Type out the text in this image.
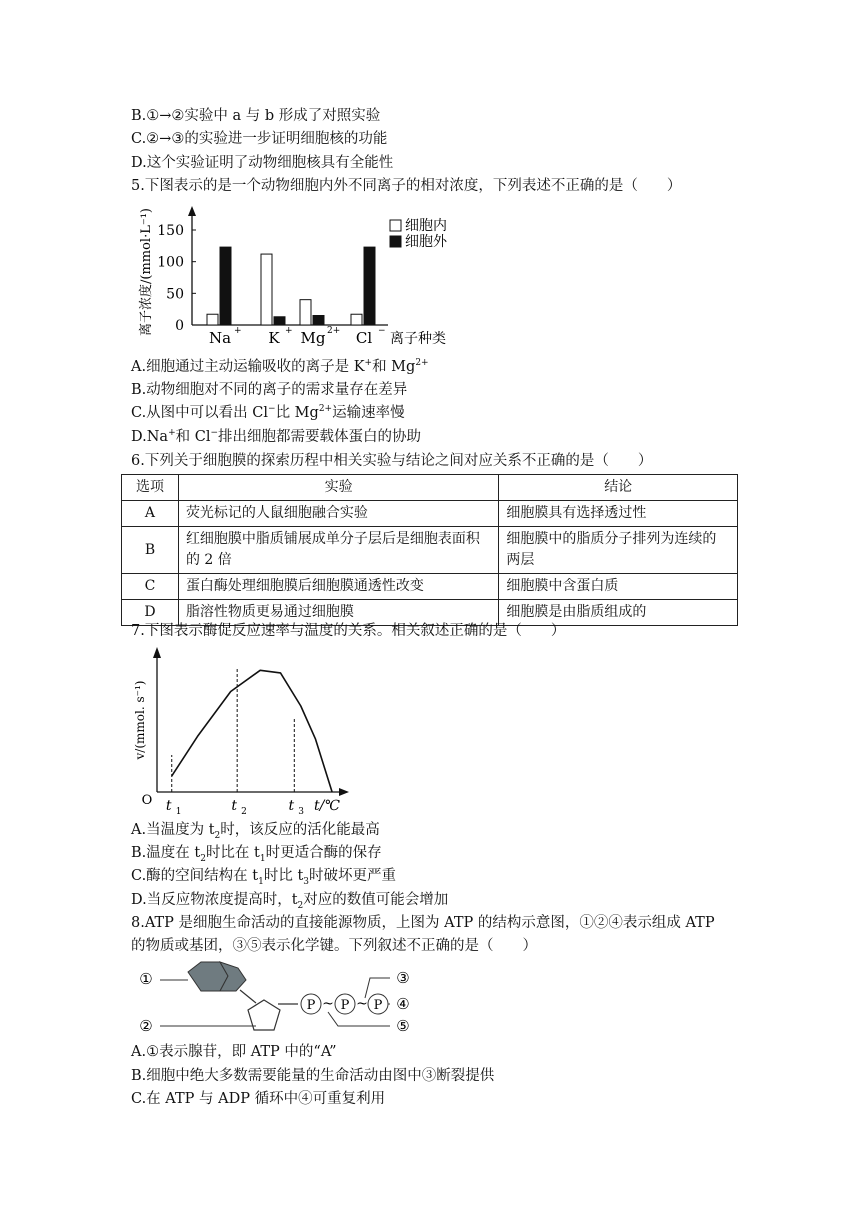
B.①→②实验中 a 与 b 形成了对照实验
C.②→③的实验进一步证明细胞核的功能
D.这个实验证明了动物细胞核具有全能性
5.下图表示的是一个动物细胞内外不同离子的相对浓度，下列表述不正确的是（　　）
0
50
100
150
离子浓度/(mmol·L⁻¹)
Na + K + Mg 2+ Cl − 离子种类
细胞内
细胞外
A.细胞通过主动运输吸收的离子是 K+和 $Mg^{2+}$
B.动物细胞对不同的离子的需求量存在差异
C.从图中可以看出 Cl−比 $Mg^{2+}$运输速率慢
D.Na+和 Cl−排出细胞都需要载体蛋白的协助
6.下列关于细胞膜的探索历程中相关实验与结论之间对应关系不正确的是（　　）
选项	实验	结论
A	荧光标记的人鼠细胞融合实验	细胞膜具有选择透过性
B	红细胞膜中脂质铺展成单分子层后是细胞表面积的 2 倍	细胞膜中的脂质分子排列为连续的两层
C	蛋白酶处理细胞膜后细胞膜通透性改变	细胞膜中含蛋白质
D	脂溶性物质更易通过细胞膜	细胞膜是由脂质组成的
7.下图表示酶促反应速率与温度的关系。相关叙述正确的是（　　）
O
v/(mmol. s⁻¹)
t 1	t 2	t 3 t/℃
A.当温度为 $t_2$时，该反应的活化能最高
B.温度在 $t_2$时比在 $t_1$时更适合酶的保存
C.酶的空间结构在 $t_1$时比 $t_3$时破坏更严重
D.当反应物浓度提高时，$t_2$对应的数值可能会增加
8.ATP 是细胞生命活动的直接能源物质，上图为 ATP 的结构示意图，①②④表示组成 ATP
的物质或基团，③⑤表示化学键。下列叙述不正确的是（　　）
①
②
P ~ P ~ P
③
④
⑤
A.①表示腺苷，即 ATP 中的“A”
B.细胞中绝大多数需要能量的生命活动由图中③断裂提供
C.在 ATP 与 ADP 循环中④可重复利用
